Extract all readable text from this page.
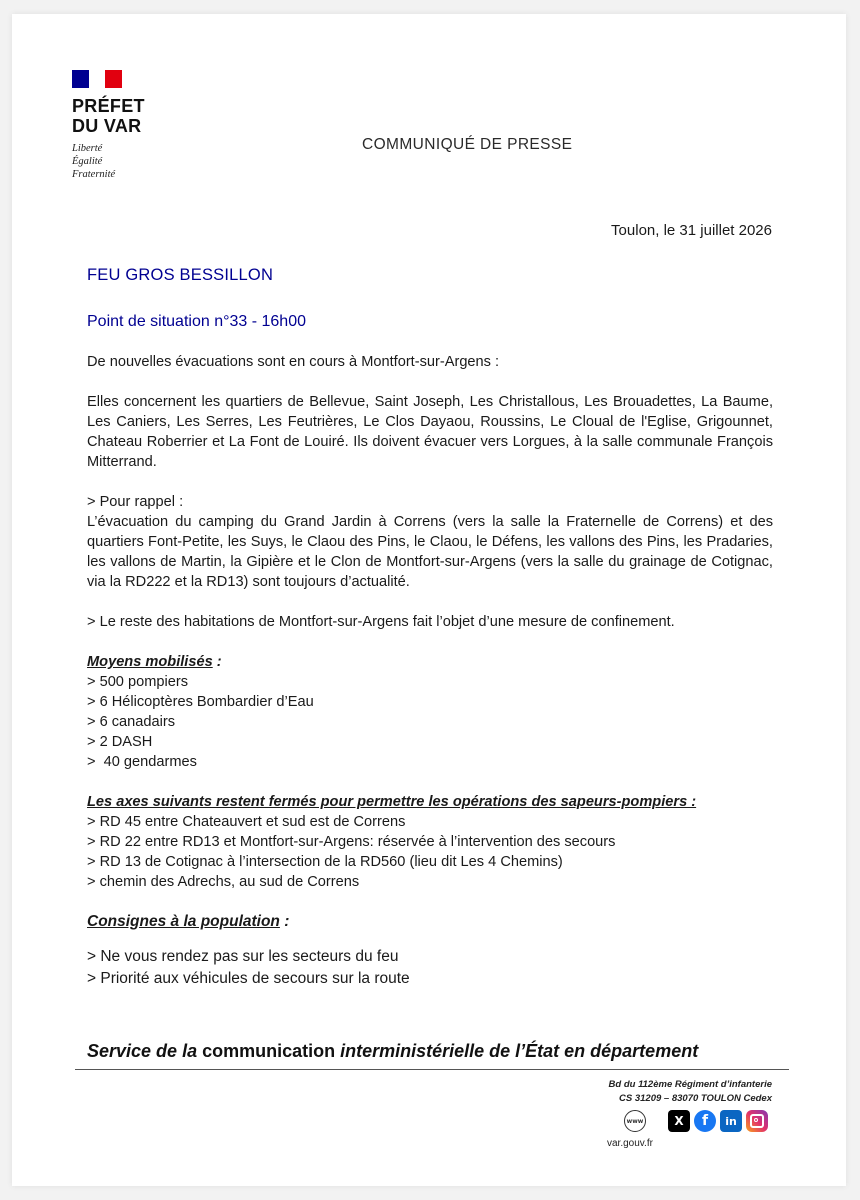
PRÉFET
DU VAR
Liberté
Égalité
Fraternité
COMMUNIQUÉ DE PRESSE
Toulon, le 31 juillet 2026
FEU GROS BESSILLON
Point de situation n°33 - 16h00

De nouvelles évacuations sont en cours à Montfort-sur-Argens :

Elles concernent les quartiers de Bellevue, Saint Joseph, Les Christallous, Les Brouadettes, La Baume, Les Caniers, Les Serres, Les Feutrières, Le Clos Dayaou, Roussins, Le Cloual de l'Eglise, Grigounnet, Chateau Roberrier et La Font de Louiré. Ils doivent évacuer vers Lorgues, à la salle communale François Mitterrand.

> Pour rappel :

L’évacuation du camping du Grand Jardin à Correns (vers la salle la Fraternelle de Correns) et des quartiers Font-Petite, les Suys, le Claou des Pins, le Claou, le Défens, les vallons des Pins, les Pradaries, les vallons de Martin, la Gipière et le Clon de Montfort-sur-Argens (vers la salle du grainage de Cotignac, via la RD222 et la RD13) sont toujours d’actualité.

> Le reste des habitations de Montfort-sur-Argens fait l’objet d’une mesure de confinement.

Moyens mobilisés :

> 500 pompiers

> 6 Hélicoptères Bombardier d’Eau

> 6 canadairs

> 2 DASH

>  40 gendarmes

Les axes suivants restent fermés pour permettre les opérations des sapeurs-pompiers :

> RD 45 entre Chateauvert et sud est de Correns

> RD 22 entre RD13 et Montfort-sur-Argens: réservée à l’intervention des secours

> RD 13 de Cotignac à l’intersection de la RD560 (lieu dit Les 4 Chemins)

> chemin des Adrechs, au sud de Correns

Consignes à la population :

> Ne vous rendez pas sur les secteurs du feu

> Priorité aux véhicules de secours sur la route

Service de la communication interministérielle de l’État en département
Bd du 112ème Régiment d’infanterie
CS 31209 – 83070 TOULON Cedex
www	X	f	in
var.gouv.fr
